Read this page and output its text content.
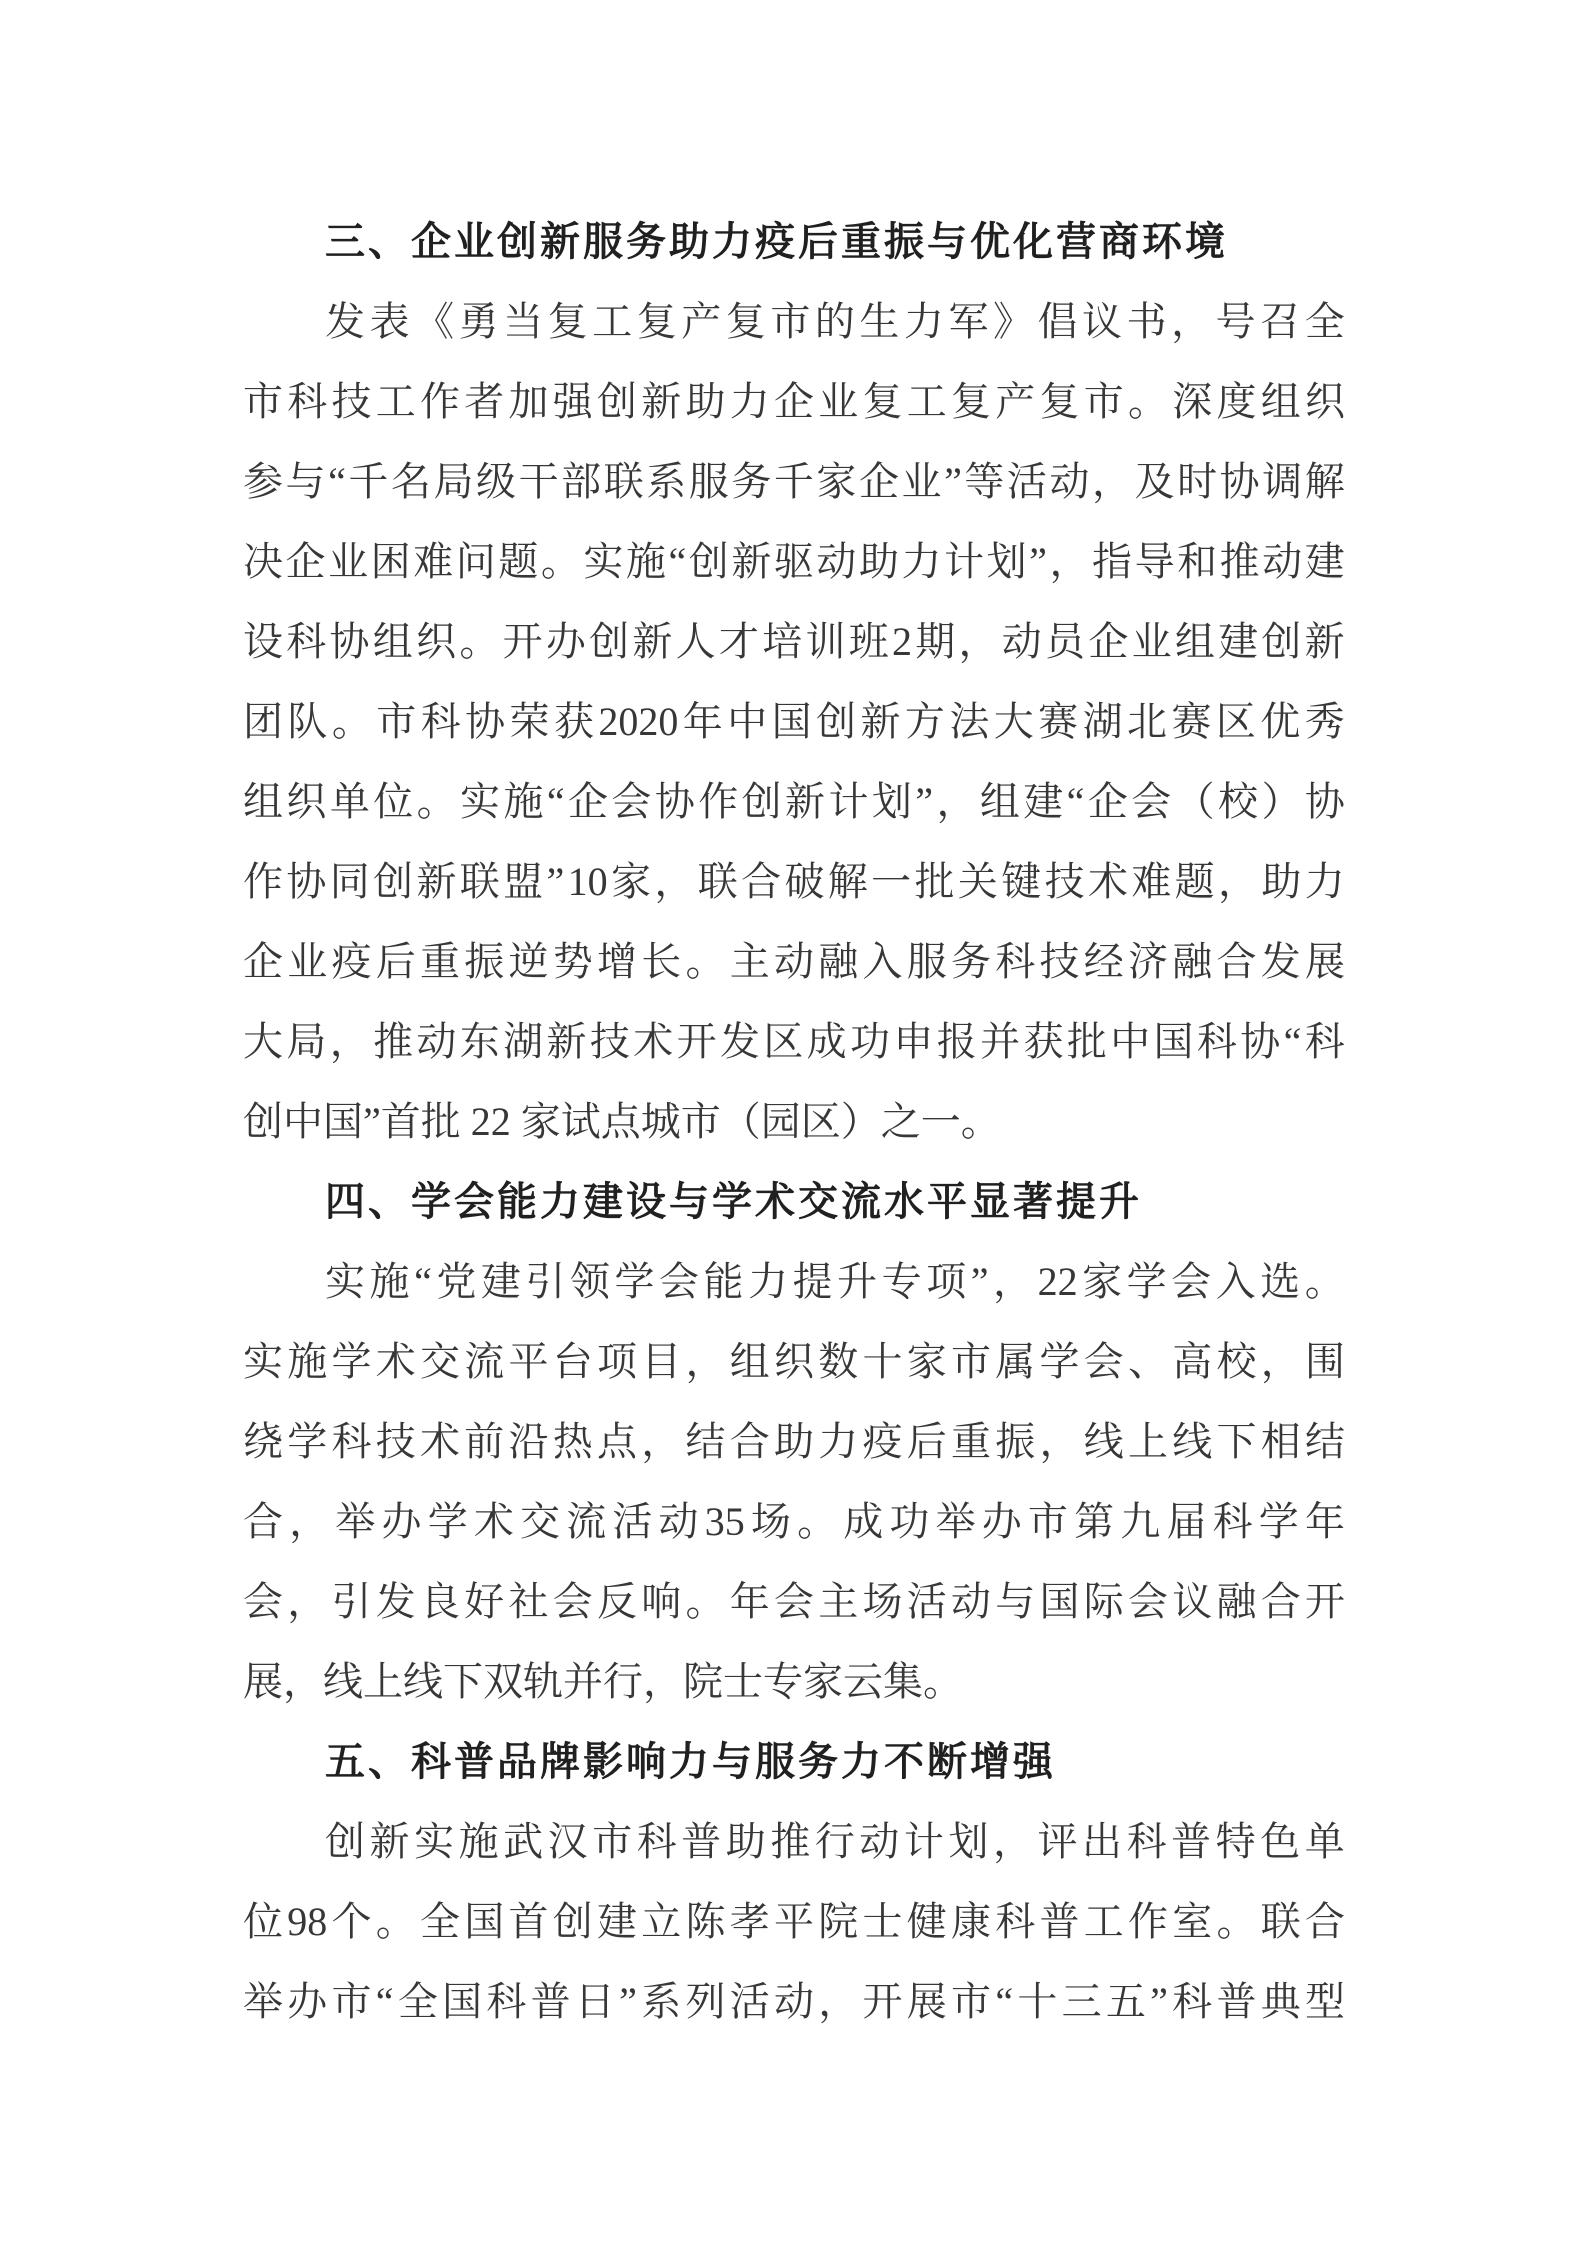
三、企业创新服务助力疫后重振与优化营商环境
发 表 《 勇 当 复 工 复 产 复 市 的 生 力 军 》 倡 议 书 ， 号 召 全
市 科 技 工 作 者 加 强 创 新 助 力 企 业 复 工 复 产 复 市 。 深 度 组 织
参 与 “ 千 名 局 级 干 部 联 系 服 务 千 家 企 业 ” 等 活 动 ， 及 时 协 调 解
决 企 业 困 难 问 题 。 实 施 “ 创 新 驱 动 助 力 计 划 ” ， 指 导 和 推 动 建
设 科 协 组 织 。 开 办 创 新 人 才 培 训 班 2 期 ， 动 员 企 业 组 建 创 新
团 队 。 市 科 协 荣 获 2020 年 中 国 创 新 方 法 大 赛 湖 北 赛 区 优 秀
组 织 单 位 。 实 施 “ 企 会 协 作 创 新 计 划 ” ， 组 建 “ 企 会 （ 校 ） 协
作 协 同 创 新 联 盟 ” 10 家 ， 联 合 破 解 一 批 关 键 技 术 难 题 ， 助 力
企 业 疫 后 重 振 逆 势 增 长 。 主 动 融 入 服 务 科 技 经 济 融 合 发 展
大 局 ， 推 动 东 湖 新 技 术 开 发 区 成 功 申 报 并 获 批 中 国 科 协 “ 科
创中国”首批 22 家试点城市（园区）之一。
四、学会能力建设与学术交流水平显著提升
实 施 “ 党 建 引 领 学 会 能 力 提 升 专 项 ” ， 22 家 学 会 入 选 。
实 施 学 术 交 流 平 台 项 目 ， 组 织 数 十 家 市 属 学 会 、 高 校 ， 围
绕 学 科 技 术 前 沿 热 点 ， 结 合 助 力 疫 后 重 振 ， 线 上 线 下 相 结
合 ， 举 办 学 术 交 流 活 动 35 场 。 成 功 举 办 市 第 九 届 科 学 年
会 ， 引 发 良 好 社 会 反 响 。 年 会 主 场 活 动 与 国 际 会 议 融 合 开
展，线上线下双轨并行，院士专家云集。
五、科普品牌影响力与服务力不断增强
创 新 实 施 武 汉 市 科 普 助 推 行 动 计 划 ， 评 出 科 普 特 色 单
位 98 个 。 全 国 首 创 建 立 陈 孝 平 院 士 健 康 科 普 工 作 室 。 联 合
举 办 市 “ 全 国 科 普 日 ” 系 列 活 动 ， 开 展 市 “ 十 三 五 ” 科 普 典 型
